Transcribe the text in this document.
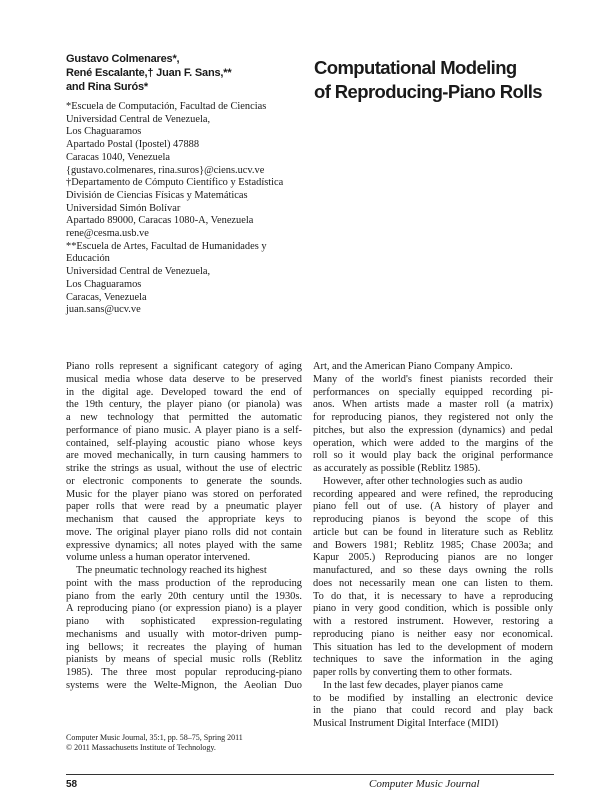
Gustavo Colmenares*,
René Escalante,† Juan F. Sans,**
and Rina Surós*
Computational Modeling
of Reproducing-Piano Rolls
*Escuela de Computación, Facultad de Ciencias
Universidad Central de Venezuela,
Los Chaguaramos
Apartado Postal (Ipostel) 47888
Caracas 1040, Venezuela
{gustavo.colmenares, rina.suros}@ciens.ucv.ve
†Departamento de Cómputo Científico y Estadística
División de Ciencias Físicas y Matemáticas
Universidad Simón Bolívar
Apartado 89000, Caracas 1080-A, Venezuela
rene@cesma.usb.ve
**Escuela de Artes, Facultad de Humanidades y
Educación
Universidad Central de Venezuela,
Los Chaguaramos
Caracas, Venezuela
juan.sans@ucv.ve
Piano rolls represent a significant category of aging
musical media whose data deserve to be preserved
in the digital age. Developed toward the end of
the 19th century, the player piano (or pianola) was
a new technology that permitted the automatic
performance of piano music. A player piano is a self-
contained, self-playing acoustic piano whose keys
are moved mechanically, in turn causing hammers to
strike the strings as usual, without the use of electric
or electronic components to generate the sounds.
Music for the player piano was stored on perforated
paper rolls that were read by a pneumatic player
mechanism that caused the appropriate keys to
move. The original player piano rolls did not contain
expressive dynamics; all notes played with the same
volume unless a human operator intervened.
The pneumatic technology reached its highest
point with the mass production of the reproducing
piano from the early 20th century until the 1930s.
A reproducing piano (or expression piano) is a player
piano with sophisticated expression-regulating
mechanisms and usually with motor-driven pump-
ing bellows; it recreates the playing of human
pianists by means of special music rolls (Reblitz
1985). The three most popular reproducing-piano
systems were the Welte-Mignon, the Aeolian Duo
Art, and the American Piano Company Ampico.
Many of the world's finest pianists recorded their
performances on specially equipped recording pi-
anos. When artists made a master roll (a matrix)
for reproducing pianos, they registered not only the
pitches, but also the expression (dynamics) and pedal
operation, which were added to the margins of the
roll so it would play back the original performance
as accurately as possible (Reblitz 1985).
However, after other technologies such as audio
recording appeared and were refined, the reproducing
piano fell out of use. (A history of player and
reproducing pianos is beyond the scope of this
article but can be found in literature such as Reblitz
and Bowers 1981; Reblitz 1985; Chase 2003a; and
Kapur 2005.) Reproducing pianos are no longer
manufactured, and so these days owning the rolls
does not necessarily mean one can listen to them.
To do that, it is necessary to have a reproducing
piano in very good condition, which is possible only
with a restored instrument. However, restoring a
reproducing piano is neither easy nor economical.
This situation has led to the development of modern
techniques to save the information in the aging
paper rolls by converting them to other formats.
In the last few decades, player pianos came
to be modified by installing an electronic device
in the piano that could record and play back
Musical Instrument Digital Interface (MIDI)
Computer Music Journal, 35:1, pp. 58–75, Spring 2011
© 2011 Massachusetts Institute of Technology.
58	Computer Music Journal
